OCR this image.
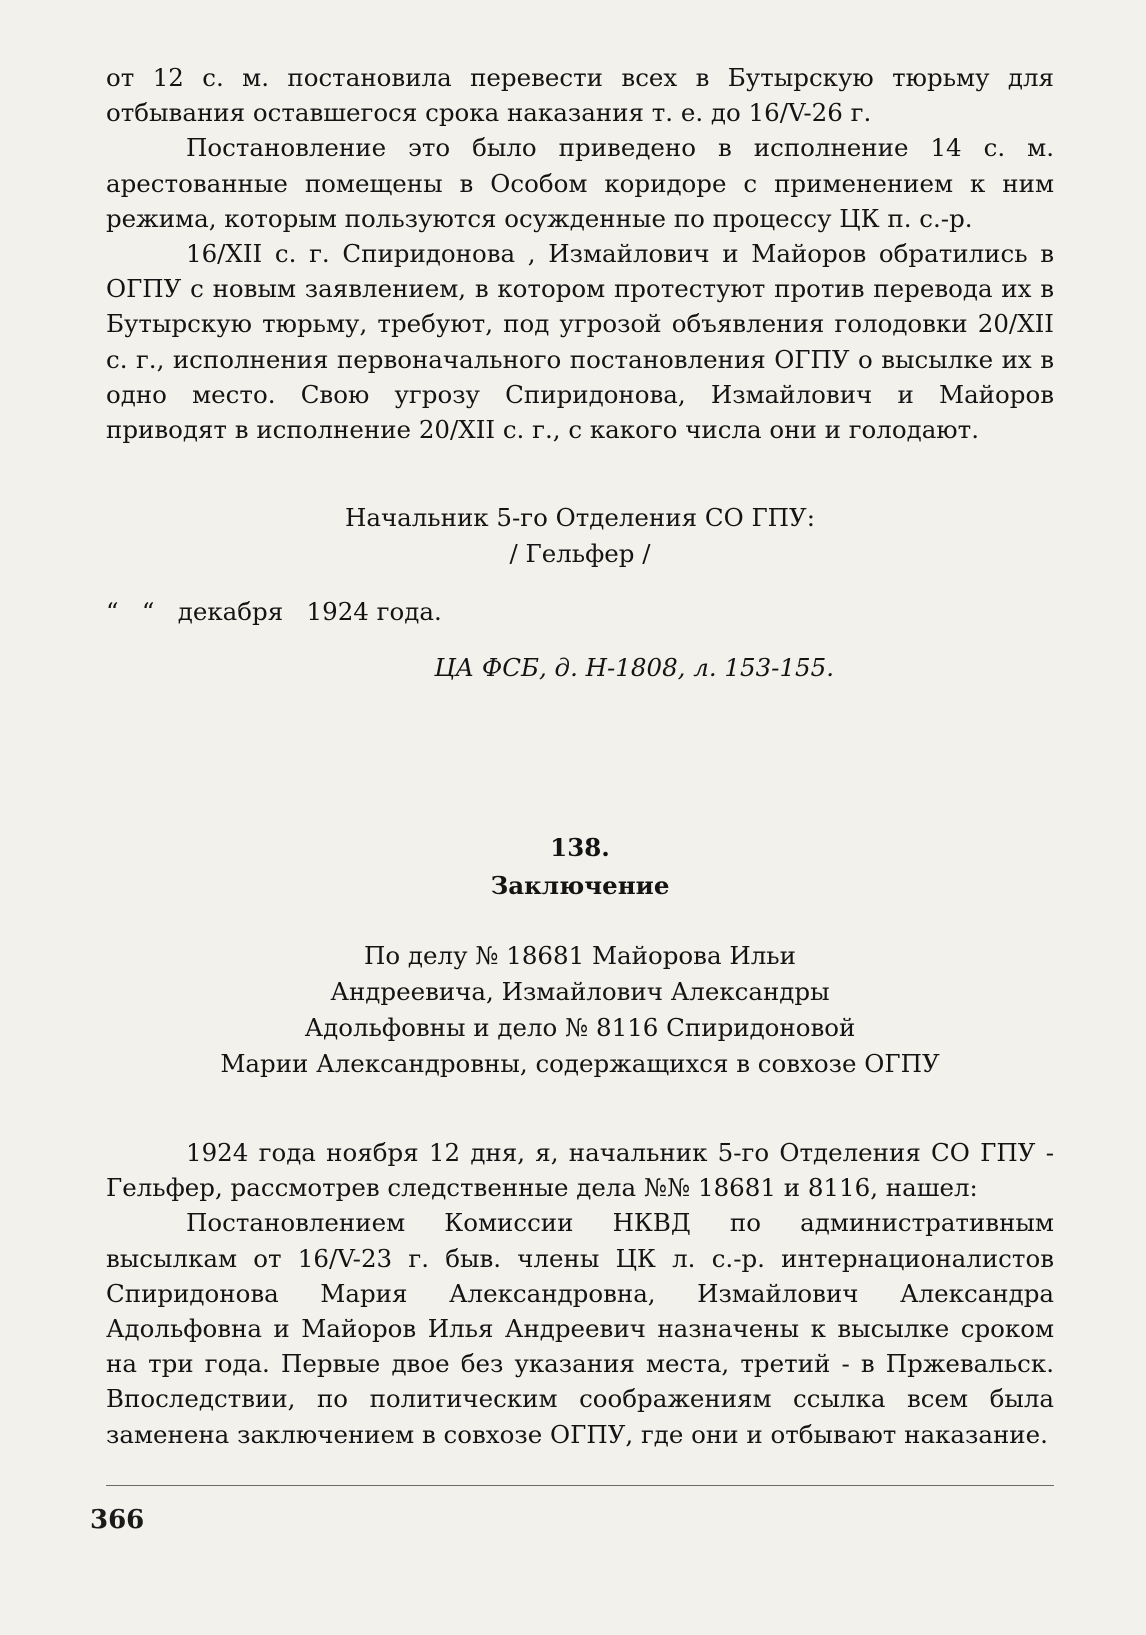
от 12 с. м. постановила перевести всех в Бутырскую тюрьму для отбывания оставшегося срока наказания т. е. до 16/V-26 г.

Постановление это было приведено в исполнение 14 с. м. арестованные помещены в Особом коридоре с применением к ним режима, которым пользуются осужденные по процессу ЦК п. с.-р.

16/XII с. г. Спиридонова , Измайлович и Майоров обратились в ОГПУ с новым заявлением, в котором протестуют против перевода их в Бутырскую тюрьму, требуют, под угрозой объявления голодовки 20/XII с. г., исполнения первоначального постановления ОГПУ о высылке их в одно место. Свою угрозу Спиридонова, Измайлович и Майоров приводят в исполнение 20/XII с. г., с какого числа они и голодают.

Начальник 5-го Отделения СО ГПУ:
/ Гельфер /
“   “   декабря   1924 года.
ЦА ФСБ, д. Н-1808, л. 153-155.
138.
Заключение
По делу № 18681 Майорова Ильи
Андреевича, Измайлович Александры
Адольфовны и дело № 8116 Спиридоновой
Марии Александровны, содержащихся в совхозе ОГПУ

1924 года ноября 12 дня, я, начальник 5-го Отделения СО ГПУ - Гельфер, рассмотрев следственные дела №№ 18681 и 8116, нашел:

Постановлением Комиссии НКВД по административным высылкам от 16/V-23 г. быв. члены ЦК л. с.-р. интернационалистов Спиридонова Мария Александровна, Измайлович Александра Адольфовна и Майоров Илья Андреевич назначены к высылке сроком на три года. Первые двое без указания места, третий - в Пржевальск. Впоследствии, по политическим соображениям ссылка всем была заменена заключением в совхозе ОГПУ, где они и отбывают наказание.

366
